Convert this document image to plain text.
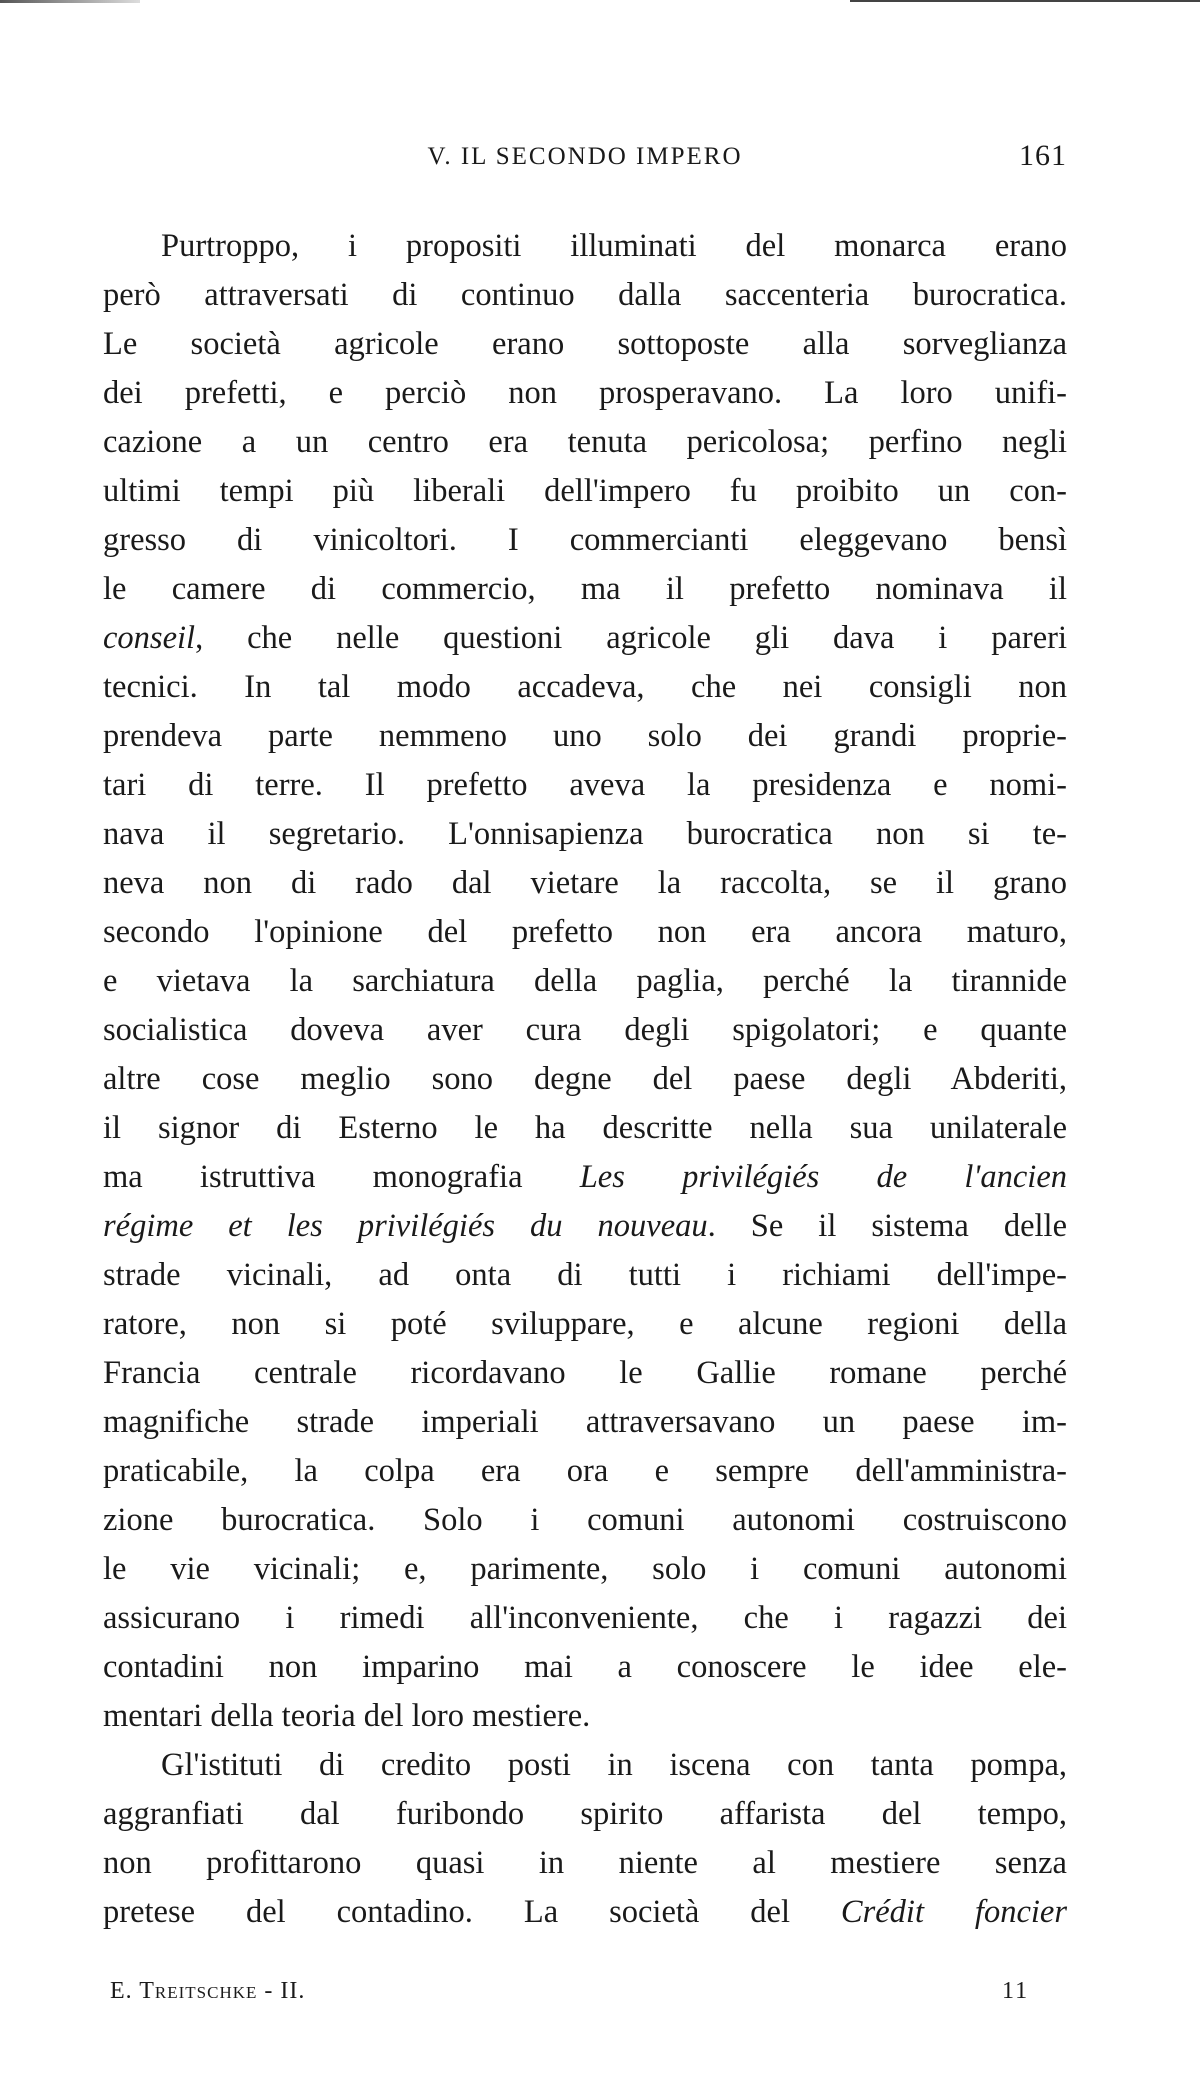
V. IL SECONDO IMPERO	161
Purtroppo, i propositi illuminati del monarca erano
però attraversati di continuo dalla saccenteria burocratica.
Le società agricole erano sottoposte alla sorveglianza
dei prefetti, e perciò non prosperavano. La loro unifi-
cazione a un centro era tenuta pericolosa; perfino negli
ultimi tempi più liberali dell'impero fu proibito un con-
gresso di vinicoltori. I commercianti eleggevano bensì
le camere di commercio, ma il prefetto nominava il
conseil, che nelle questioni agricole gli dava i pareri
tecnici. In tal modo accadeva, che nei consigli non
prendeva parte nemmeno uno solo dei grandi proprie-
tari di terre. Il prefetto aveva la presidenza e nomi-
nava il segretario. L'onnisapienza burocratica non si te-
neva non di rado dal vietare la raccolta, se il grano
secondo l'opinione del prefetto non era ancora maturo,
e vietava la sarchiatura della paglia, perché la tirannide
socialistica doveva aver cura degli spigolatori; e quante
altre cose meglio sono degne del paese degli Abderiti,
il signor di Esterno le ha descritte nella sua unilaterale
ma istruttiva monografia Les privilégiés de l'ancien
régime et les privilégiés du nouveau. Se il sistema delle
strade vicinali, ad onta di tutti i richiami dell'impe-
ratore, non si poté sviluppare, e alcune regioni della
Francia centrale ricordavano le Gallie romane perché
magnifiche strade imperiali attraversavano un paese im-
praticabile, la colpa era ora e sempre dell'amministra-
zione burocratica. Solo i comuni autonomi costruiscono
le vie vicinali; e, parimente, solo i comuni autonomi
assicurano i rimedi all'inconveniente, che i ragazzi dei
contadini non imparino mai a conoscere le idee ele-
mentari della teoria del loro mestiere.
Gl'istituti di credito posti in iscena con tanta pompa,
aggranfiati dal furibondo spirito affarista del tempo,
non profittarono quasi in niente al mestiere senza
pretese del contadino. La società del Crédit foncier
E. Treitschke - II.	11
